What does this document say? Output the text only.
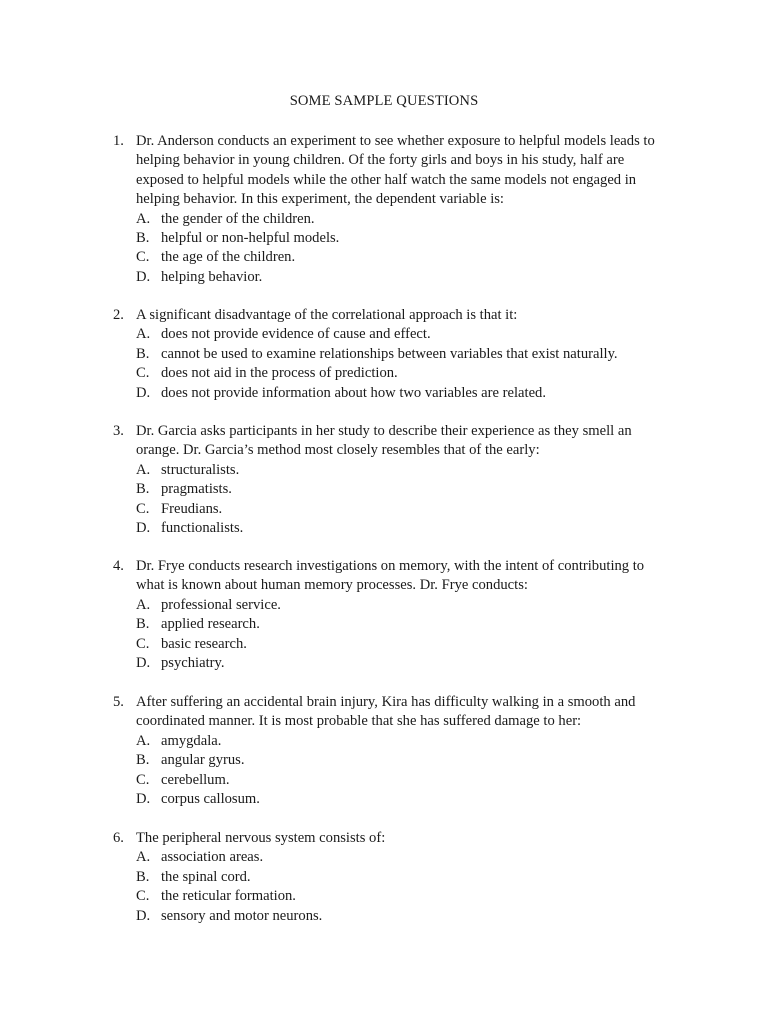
SOME SAMPLE QUESTIONS
1. Dr. Anderson conducts an experiment to see whether exposure to helpful models leads to helping behavior in young children. Of the forty girls and boys in his study, half are exposed to helpful models while the other half watch the same models not engaged in helping behavior. In this experiment, the dependent variable is:
A. the gender of the children.
B. helpful or non-helpful models.
C. the age of the children.
D. helping behavior.
2. A significant disadvantage of the correlational approach is that it:
A. does not provide evidence of cause and effect.
B. cannot be used to examine relationships between variables that exist naturally.
C. does not aid in the process of prediction.
D. does not provide information about how two variables are related.
3. Dr. Garcia asks participants in her study to describe their experience as they smell an orange. Dr. Garcia’s method most closely resembles that of the early:
A. structuralists.
B. pragmatists.
C. Freudians.
D. functionalists.
4. Dr. Frye conducts research investigations on memory, with the intent of contributing to what is known about human memory processes. Dr. Frye conducts:
A. professional service.
B. applied research.
C. basic research.
D. psychiatry.
5. After suffering an accidental brain injury, Kira has difficulty walking in a smooth and coordinated manner. It is most probable that she has suffered damage to her:
A. amygdala.
B. angular gyrus.
C. cerebellum.
D. corpus callosum.
6. The peripheral nervous system consists of:
A. association areas.
B. the spinal cord.
C. the reticular formation.
D. sensory and motor neurons.
